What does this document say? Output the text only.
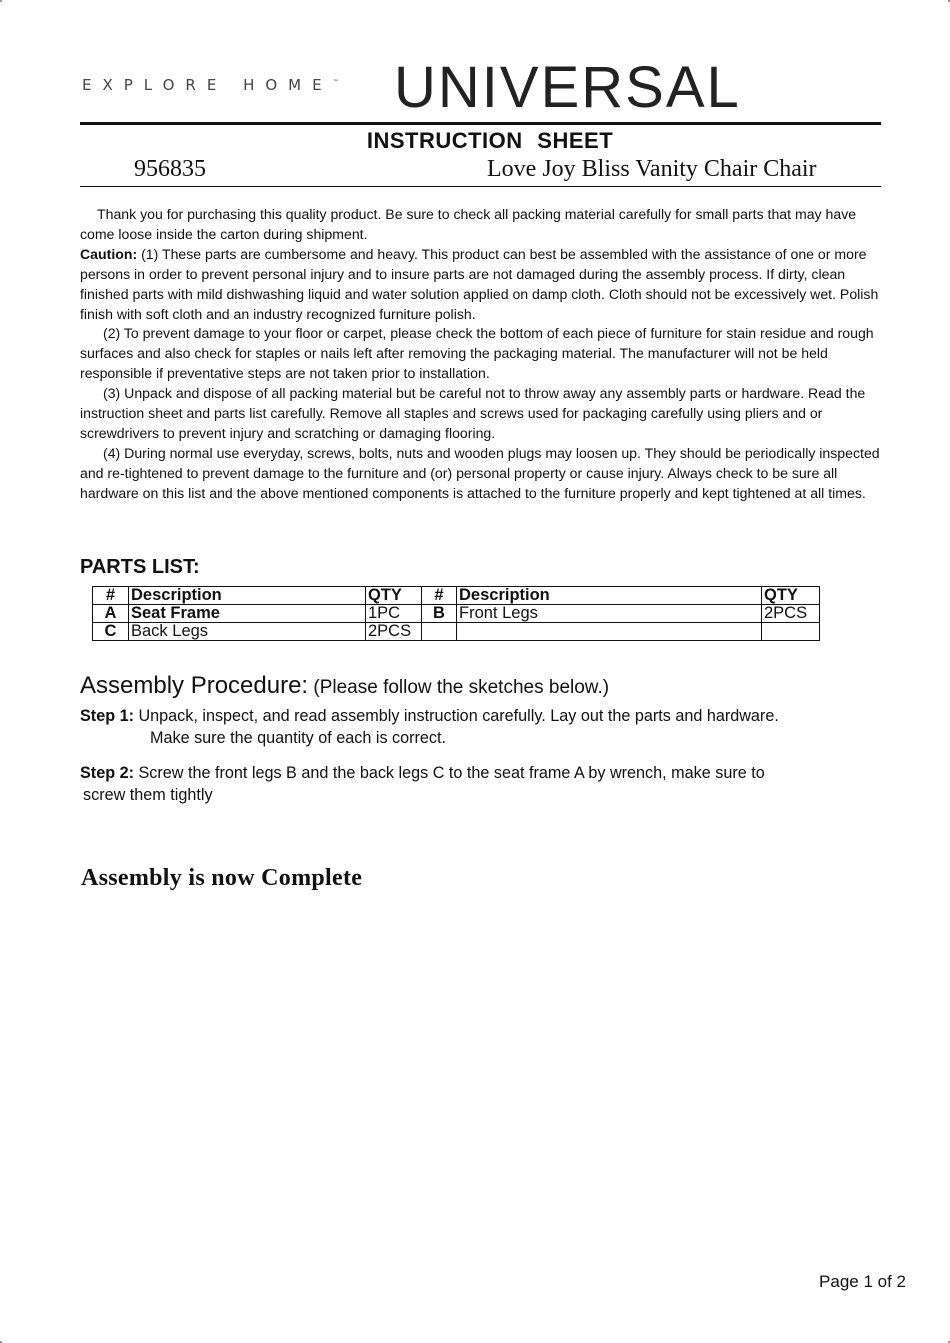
EXPLORE HOME™ UNIVERSAL
INSTRUCTION SHEET
956835	Love Joy Bliss Vanity Chair Chair

Thank you for purchasing this quality product. Be sure to check all packing material carefully for small parts that may have come loose inside the carton during shipment.

Caution: (1) These parts are cumbersome and heavy. This product can best be assembled with the assistance of one or more persons in order to prevent personal injury and to insure parts are not damaged during the assembly process. If dirty, clean finished parts with mild dishwashing liquid and water solution applied on damp cloth. Cloth should not be excessively wet. Polish finish with soft cloth and an industry recognized furniture polish.

(2) To prevent damage to your floor or carpet, please check the bottom of each piece of furniture for stain residue and rough surfaces and also check for staples or nails left after removing the packaging material. The manufacturer will not be held responsible if preventative steps are not taken prior to installation.

(3) Unpack and dispose of all packing material but be careful not to throw away any assembly parts or hardware. Read the instruction sheet and parts list carefully. Remove all staples and screws used for packaging carefully using pliers and or screwdrivers to prevent injury and scratching or damaging flooring.

(4) During normal use everyday, screws, bolts, nuts and wooden plugs may loosen up. They should be periodically inspected and re-tightened to prevent damage to the furniture and (or) personal property or cause injury. Always check to be sure all hardware on this list and the above mentioned components is attached to the furniture properly and kept tightened at all times.

PARTS LIST:
#	Description	QTY	#	Description	QTY
A	Seat Frame	1PC	B	Front Legs	2PCS
C	Back Legs	2PCS			
Assembly Procedure: (Please follow the sketches below.)
Step 1: Unpack, inspect, and read assembly instruction carefully. Lay out the parts and hardware.
Make sure the quantity of each is correct.
Step 2: Screw the front legs B and the back legs C to the seat frame A by wrench, make sure to
screw them tightly
Assembly is now Complete
Page 1 of 2
